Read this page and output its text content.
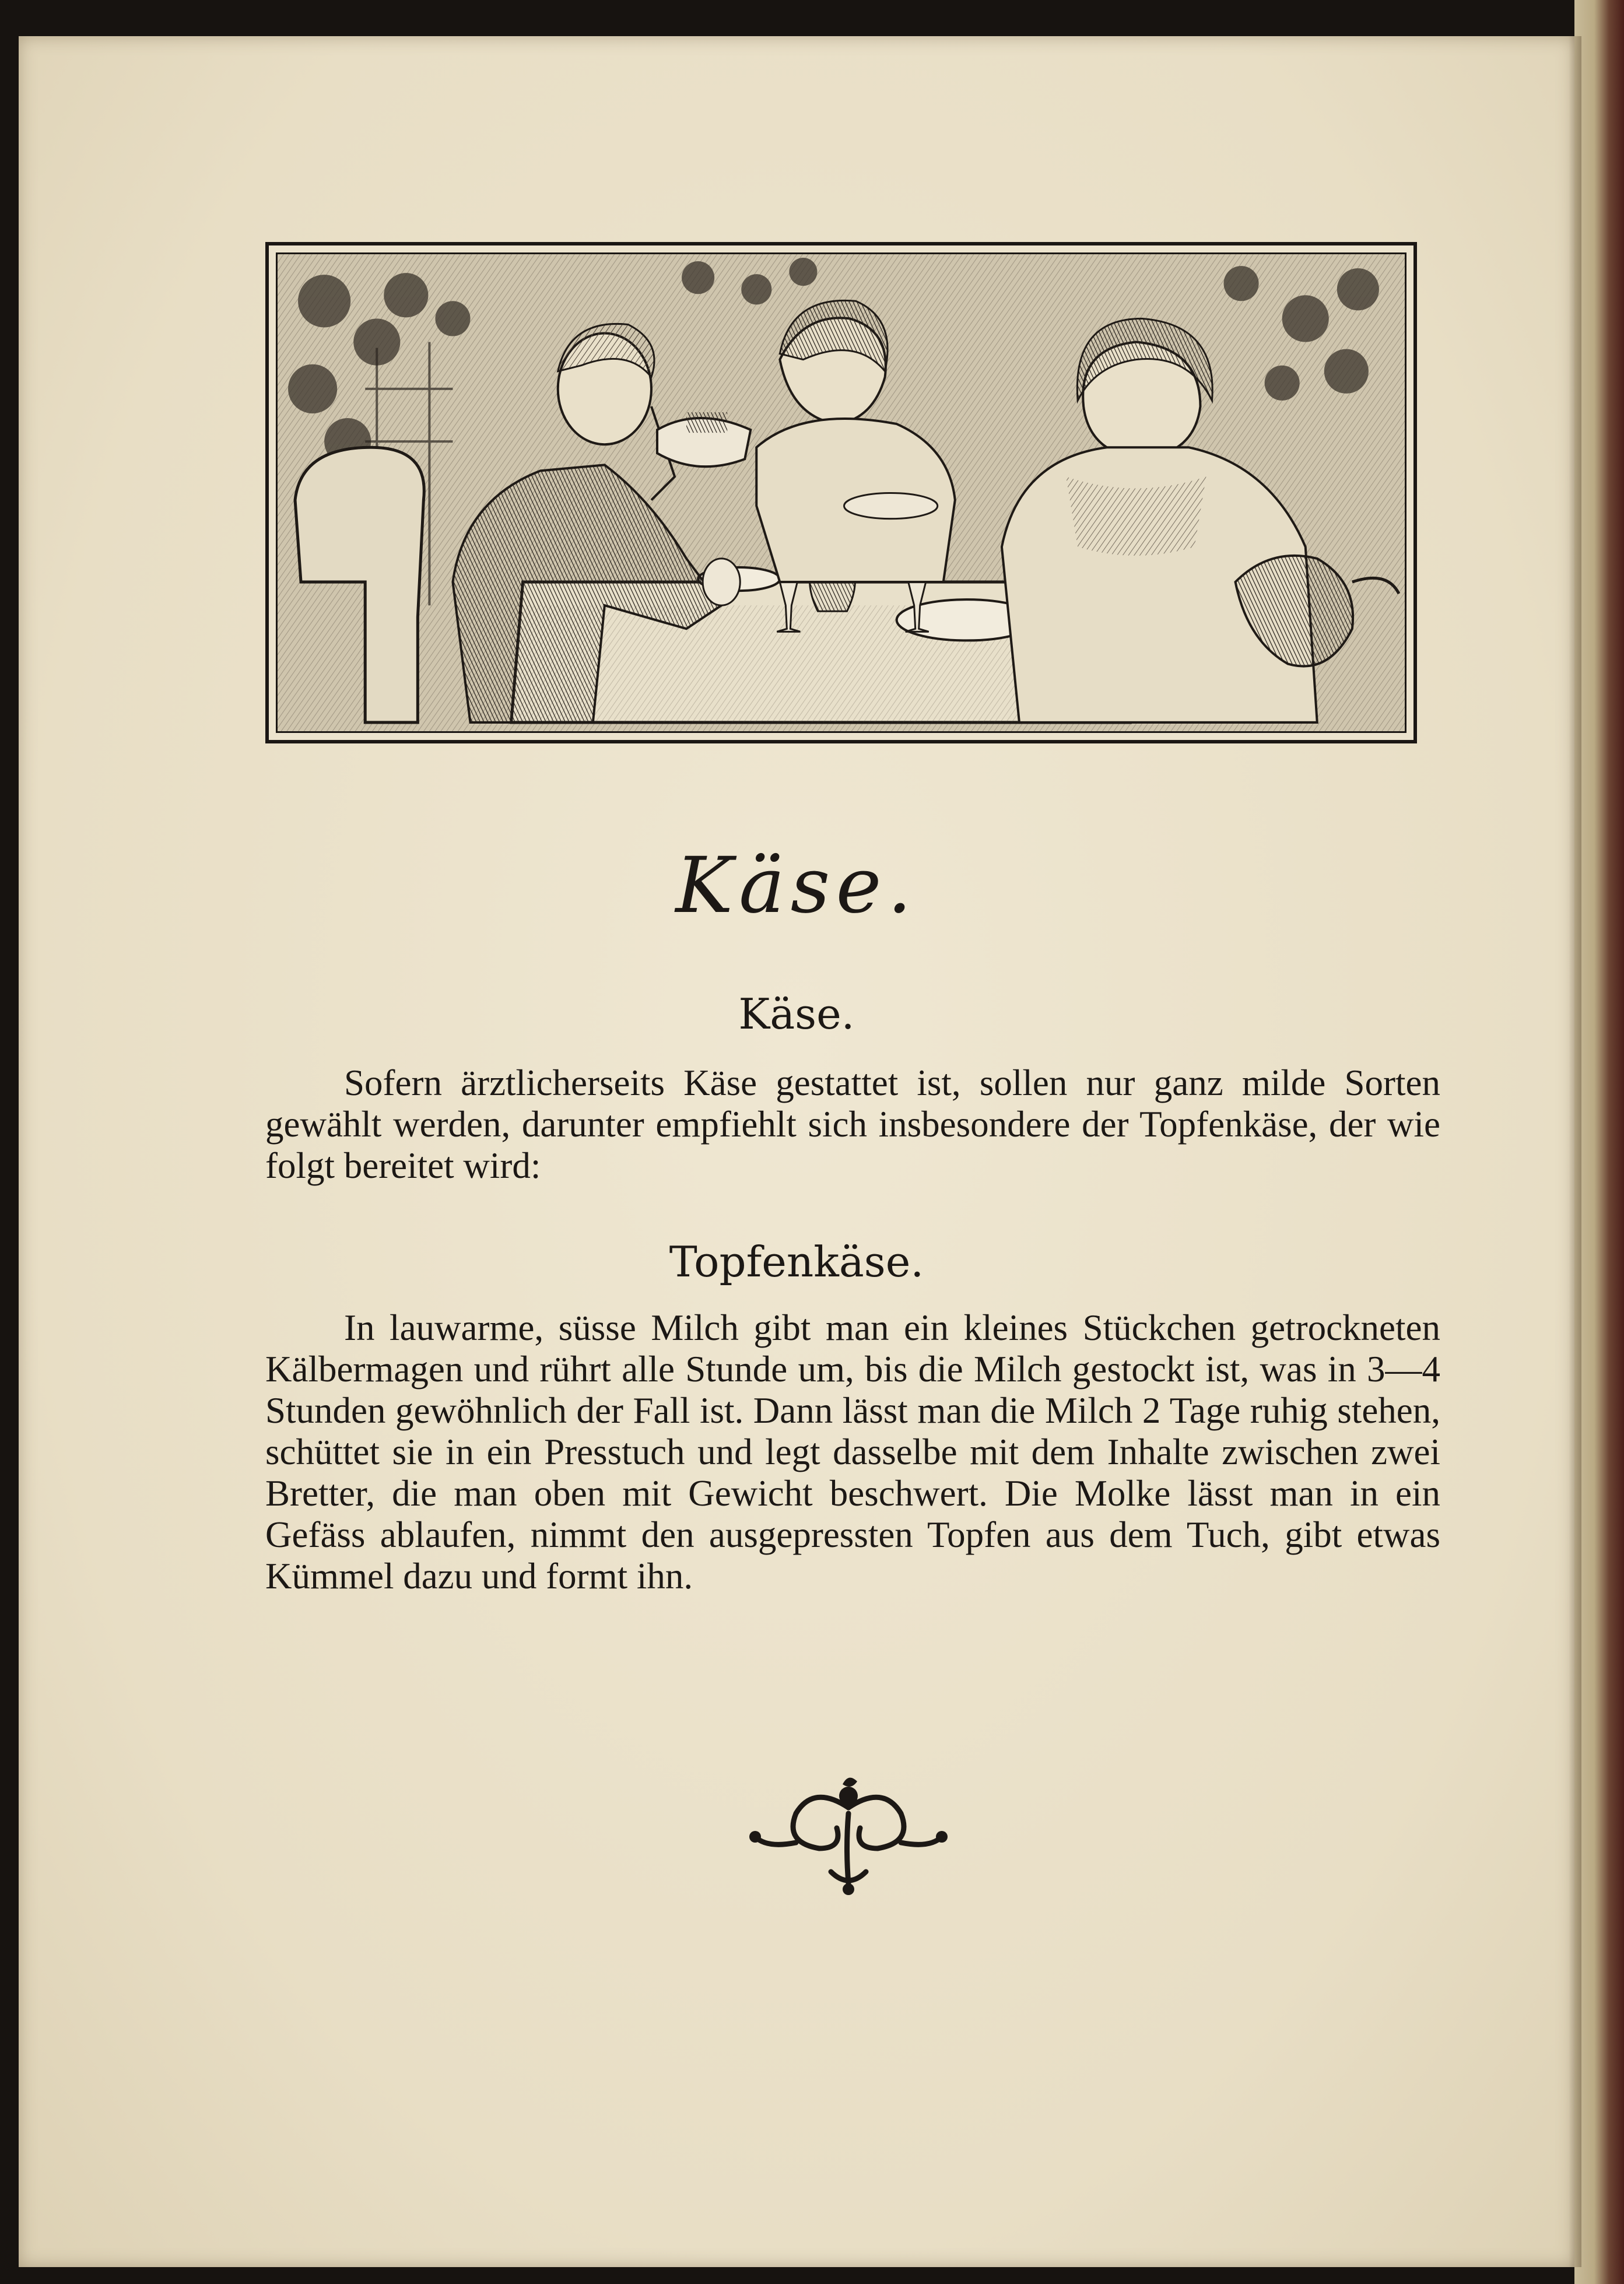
Käse.
Käse.
Sofern ärztlicherseits Käse gestattet ist, sollen nur ganz milde Sorten gewählt werden, darunter empfiehlt sich insbesondere der Topfenkäse, der wie folgt bereitet wird:
Topfenkäse.
In lauwarme, süsse Milch gibt man ein kleines Stückchen getrockneten Kälbermagen und rührt alle Stunde um, bis die Milch gestockt ist, was in 3—4 Stunden gewöhnlich der Fall ist. Dann lässt man die Milch 2 Tage ruhig stehen, schüttet sie in ein Presstuch und legt dasselbe mit dem Inhalte zwischen zwei Bretter, die man oben mit Gewicht beschwert. Die Molke lässt man in ein Gefäss ablaufen, nimmt den ausgepressten Topfen aus dem Tuch, gibt etwas Kümmel dazu und formt ihn.
